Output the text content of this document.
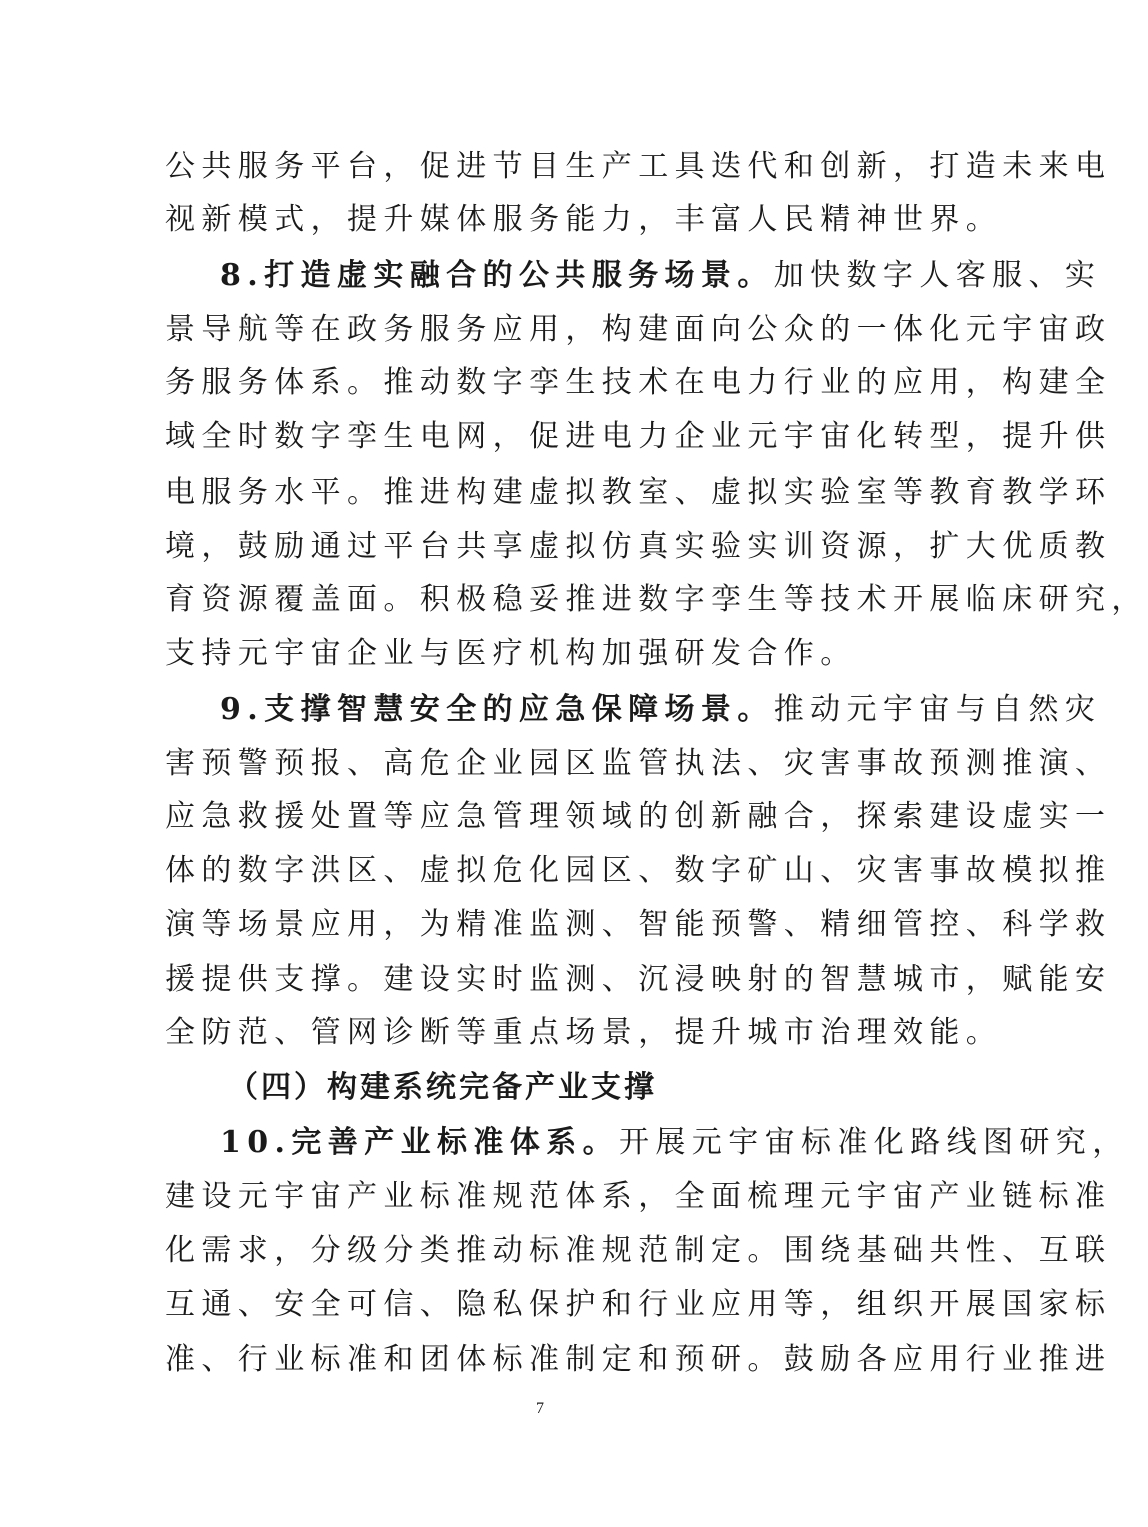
公共服务平台，促进节目生产工具迭代和创新，打造未来电
视新模式，提升媒体服务能力，丰富人民精神世界。
8.打造虚实融合的公共服务场景。加快数字人客服、实
景导航等在政务服务应用，构建面向公众的一体化元宇宙政
务服务体系。推动数字孪生技术在电力行业的应用，构建全
域全时数字孪生电网，促进电力企业元宇宙化转型，提升供
电服务水平。推进构建虚拟教室、虚拟实验室等教育教学环
境，鼓励通过平台共享虚拟仿真实验实训资源，扩大优质教
育资源覆盖面。积极稳妥推进数字孪生等技术开展临床研究，
支持元宇宙企业与医疗机构加强研发合作。
9.支撑智慧安全的应急保障场景。推动元宇宙与自然灾
害预警预报、高危企业园区监管执法、灾害事故预测推演、
应急救援处置等应急管理领域的创新融合，探索建设虚实一
体的数字洪区、虚拟危化园区、数字矿山、灾害事故模拟推
演等场景应用，为精准监测、智能预警、精细管控、科学救
援提供支撑。建设实时监测、沉浸映射的智慧城市，赋能安
全防范、管网诊断等重点场景，提升城市治理效能。
（四）构建系统完备产业支撑
10.完善产业标准体系。开展元宇宙标准化路线图研究，
建设元宇宙产业标准规范体系，全面梳理元宇宙产业链标准
化需求，分级分类推动标准规范制定。围绕基础共性、互联
互通、安全可信、隐私保护和行业应用等，组织开展国家标
准、行业标准和团体标准制定和预研。鼓励各应用行业推进
7
